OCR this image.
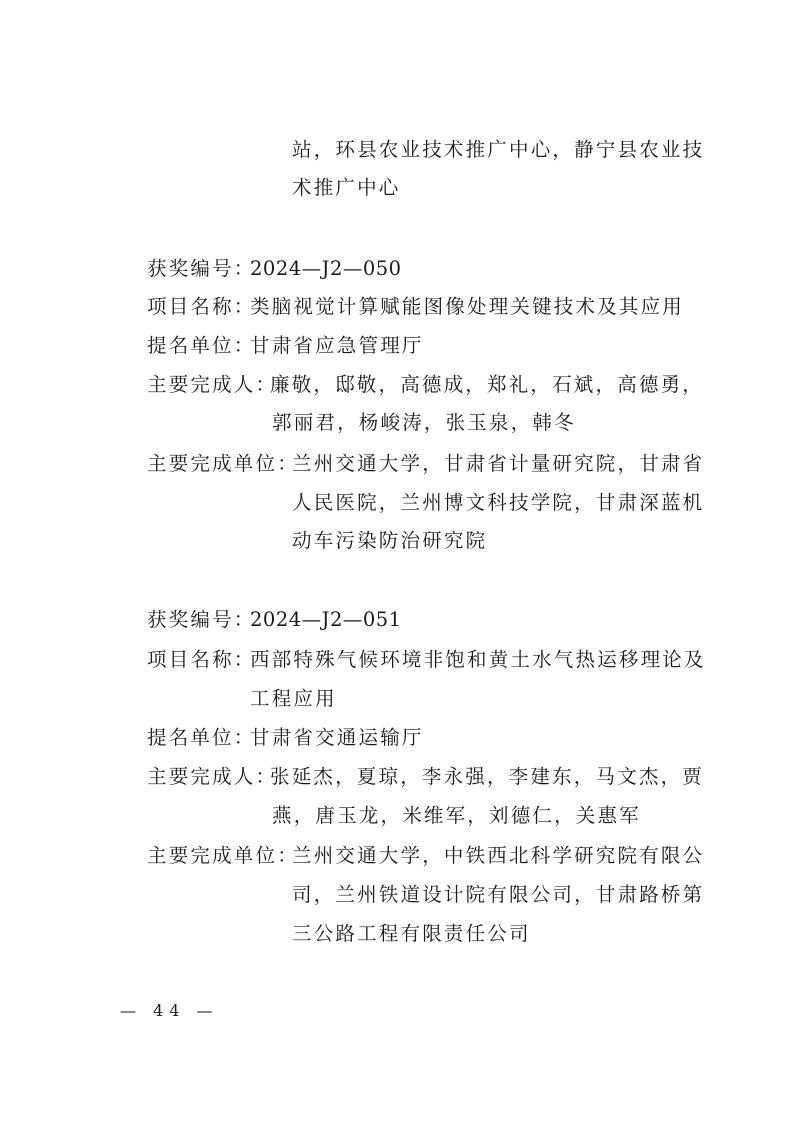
站，环县农业技术推广中心，静宁县农业技
术推广中心
获奖编号：
2024—J2—050
项目名称：
类脑视觉计算赋能图像处理关键技术及其应用
提名单位：
甘肃省应急管理厅
主要完成人：
廉敬，邸敬，高德成，郑礼，石斌，高德勇，
郭丽君，杨峻涛，张玉泉，韩冬
主要完成单位：
兰州交通大学，甘肃省计量研究院，甘肃省
人民医院，兰州博文科技学院，甘肃深蓝机
动车污染防治研究院
获奖编号：
2024—J2—051
项目名称：
西部特殊气候环境非饱和黄土水气热运移理论及
工程应用
提名单位：
甘肃省交通运输厅
主要完成人：
张延杰，夏琼，李永强，李建东，马文杰，贾
燕，唐玉龙，米维军，刘德仁，关惠军
主要完成单位：
兰州交通大学，中铁西北科学研究院有限公
司，兰州铁道设计院有限公司，甘肃路桥第
三公路工程有限责任公司
— 44 —
